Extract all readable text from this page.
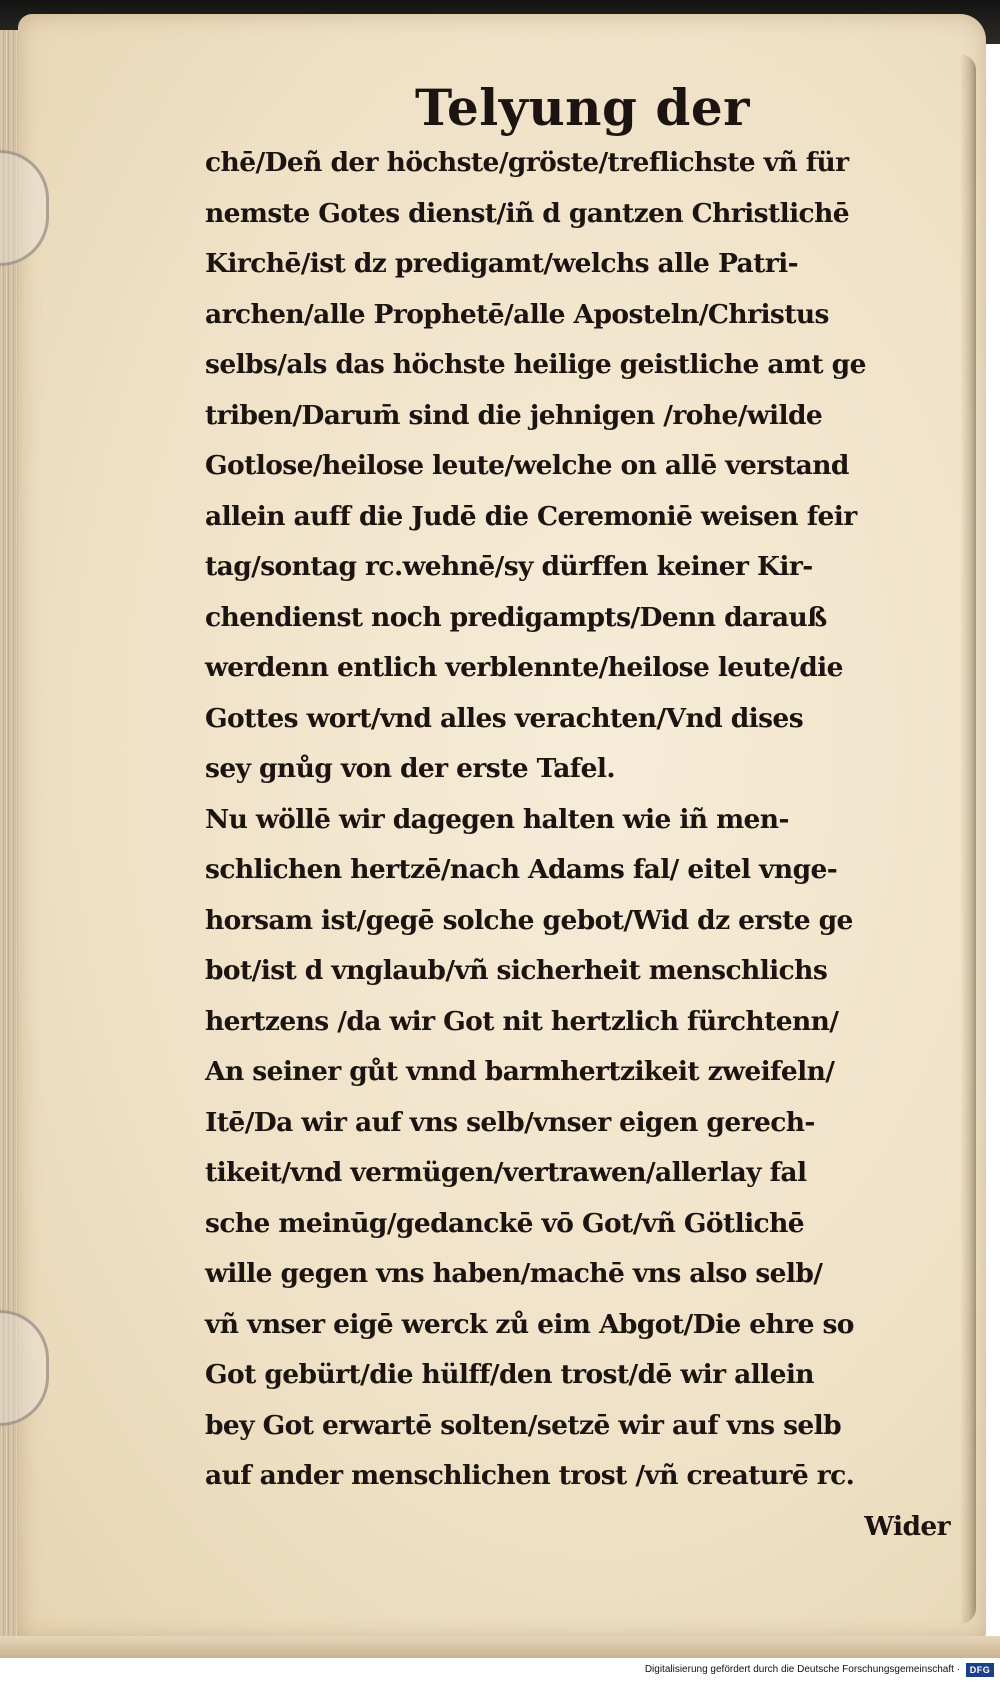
Telyung der
chē/Deñ der höchste/gröste/treflichste vñ für
nemste Gotes dienst/iñ d gantzen Christlichē
Kirchē/ist dz predigamt/welchs alle Patri-
archen/alle Prophetē/alle Aposteln/Christus
selbs/als das höchste heilige geistliche amt ge
triben/Darum̄ sind die jehnigen /rohe/wilde
Gotlose/heilose leute/welche on allē verstand
allein auff die Judē die Ceremoniē weisen feir
tag/sontag rc.wehnē/sy dürffen keiner Kir-
chendienst noch predigampts/Denn darauß
werdenn entlich verblennte/heilose leute/die
Gottes wort/vnd alles verachten/Vnd dises
sey gnůg von der erste Tafel.
Nu wöllē wir dagegen halten wie iñ men-
schlichen hertzē/nach Adams fal/ eitel vnge-
horsam ist/gegē solche gebot/Wid dz erste ge
bot/ist d vnglaub/vñ sicherheit menschlichs
hertzens /da wir Got nit hertzlich fürchtenn/
An seiner gůt vnnd barmhertzikeit zweifeln/
Itē/Da wir auf vns selb/vnser eigen gerech-
tikeit/vnd vermügen/vertrawen/allerlay fal
sche meinūg/gedanckē vō Got/vñ Götlichē
wille gegen vns haben/machē vns also selb/
vñ vnser eigē werck zů eim Abgot/Die ehre so
Got gebürt/die hülff/den trost/dē wir allein
bey Got erwartē solten/setzē wir auf vns selb
auf ander menschlichen trost /vñ creaturē rc.
Wider
Digitalisierung gefördert durch die Deutsche Forschungsgemeinschaft ·	DFG
